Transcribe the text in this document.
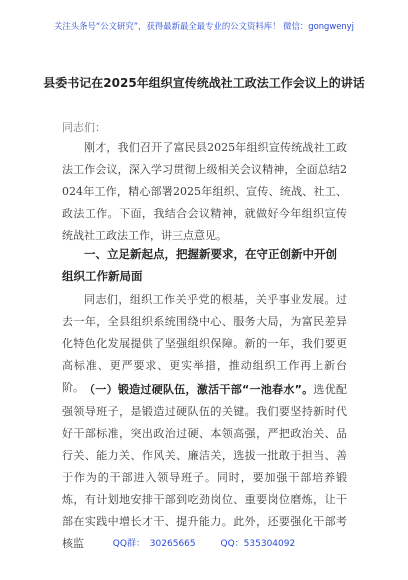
关注头条号“公文研究”，获得最新最全最专业的公文资料库！ 微信：gongwenyj
县委书记在2025年组织宣传统战社工政法工作会议上的讲话
同志们：
刚才，我们召开了富民县2025年组织宣传统战社工政法工作会议，深入学习贯彻上级相关会议精神，全面总结2024年工作，精心部署2025年组织、宣传、统战、社工、政法工作。下面，我结合会议精神，就做好今年组织宣传统战社工政法工作，讲三点意见。
一、立足新起点，把握新要求，在守正创新中开创组织工作新局面
同志们，组织工作关乎党的根基，关乎事业发展。过去一年，全县组织系统围绕中心、服务大局，为富民差异化特色化发展提供了坚强组织保障。新的一年，我们要更高标准、更严要求、更实举措，推动组织工作再上新台阶。 （一）锻造过硬队伍，激活干部“一池春水”。选优配强领导班子，是锻造过硬队伍的关键。我们要坚持新时代好干部标准，突出政治过硬、本领高强，严把政治关、品行关、能力关、作风关、廉洁关，选拔一批敢于担当、善于作为的干部进入领导班子。同时，要加强干部培养锻炼，有计划地安排干部到吃劲岗位、重要岗位磨炼，让干部在实践中增长才干、提升能力。此外，还要强化干部考核监	QQ群： 30265665	QQ：535304092
